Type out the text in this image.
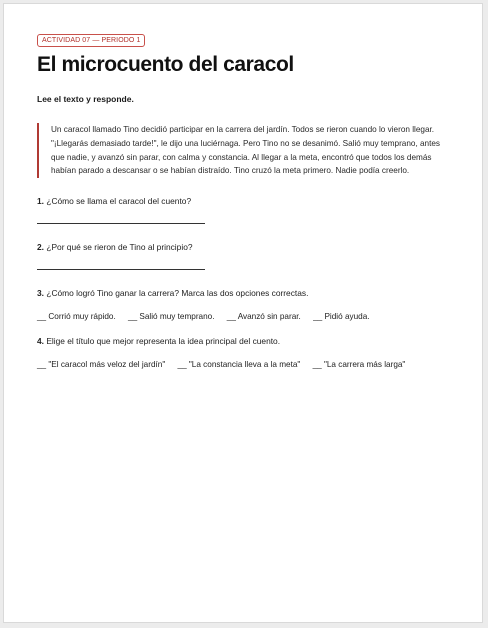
ACTIVIDAD 07 — PERIODO 1
El microcuento del caracol

Lee el texto y responde.

Un caracol llamado Tino decidió participar en la carrera del jardín. Todos se rieron cuando lo vieron llegar. "¡Llegarás demasiado tarde!", le dijo una luciérnaga. Pero Tino no se desanimó. Salió muy temprano, antes que nadie, y avanzó sin parar, con calma y constancia. Al llegar a la meta, encontró que todos los demás habían parado a descansar o se habían distraído. Tino cruzó la meta primero. Nadie podía creerlo.

1. ¿Cómo se llama el caracol del cuento?

2. ¿Por qué se rieron de Tino al principio?

3. ¿Cómo logró Tino ganar la carrera? Marca las dos opciones correctas.

__ Corrió muy rápido. __ Salió muy temprano. __ Avanzó sin parar. __ Pidió ayuda.

4. Elige el título que mejor representa la idea principal del cuento.

__ "El caracol más veloz del jardín" __ "La constancia lleva a la meta" __ "La carrera más larga"
